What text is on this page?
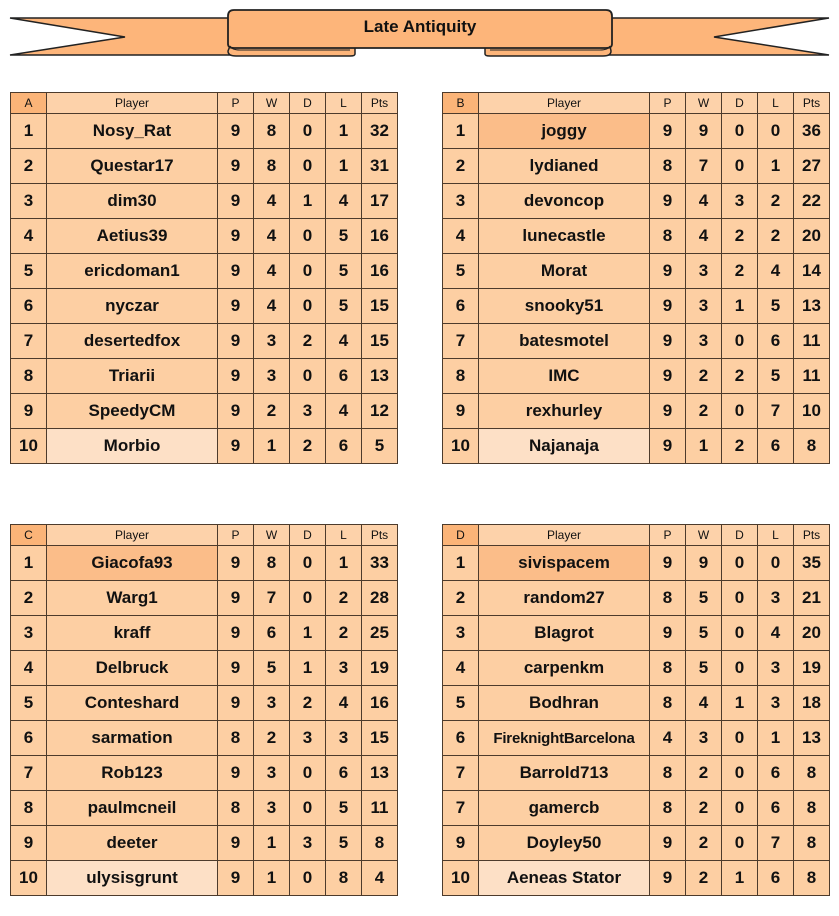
Late Antiquity
A	Player	P	W	D	L	Pts
1	Nosy_Rat	9	8	0	1	32
2	Questar17	9	8	0	1	31
3	dim30	9	4	1	4	17
4	Aetius39	9	4	0	5	16
5	ericdoman1	9	4	0	5	16
6	nyczar	9	4	0	5	15
7	desertedfox	9	3	2	4	15
8	Triarii	9	3	0	6	13
9	SpeedyCM	9	2	3	4	12
10	Morbio	9	1	2	6	5
B	Player	P	W	D	L	Pts
1	joggy	9	9	0	0	36
2	lydianed	8	7	0	1	27
3	devoncop	9	4	3	2	22
4	lunecastle	8	4	2	2	20
5	Morat	9	3	2	4	14
6	snooky51	9	3	1	5	13
7	batesmotel	9	3	0	6	11
8	IMC	9	2	2	5	11
9	rexhurley	9	2	0	7	10
10	Najanaja	9	1	2	6	8
C	Player	P	W	D	L	Pts
1	Giacofa93	9	8	0	1	33
2	Warg1	9	7	0	2	28
3	kraff	9	6	1	2	25
4	Delbruck	9	5	1	3	19
5	Conteshard	9	3	2	4	16
6	sarmation	8	2	3	3	15
7	Rob123	9	3	0	6	13
8	paulmcneil	8	3	0	5	11
9	deeter	9	1	3	5	8
10	ulysisgrunt	9	1	0	8	4
D	Player	P	W	D	L	Pts
1	sivispacem	9	9	0	0	35
2	random27	8	5	0	3	21
3	Blagrot	9	5	0	4	20
4	carpenkm	8	5	0	3	19
5	Bodhran	8	4	1	3	18
6	FireknightBarcelona	4	3	0	1	13
7	Barrold713	8	2	0	6	8
7	gamercb	8	2	0	6	8
9	Doyley50	9	2	0	7	8
10	Aeneas Stator	9	2	1	6	8
